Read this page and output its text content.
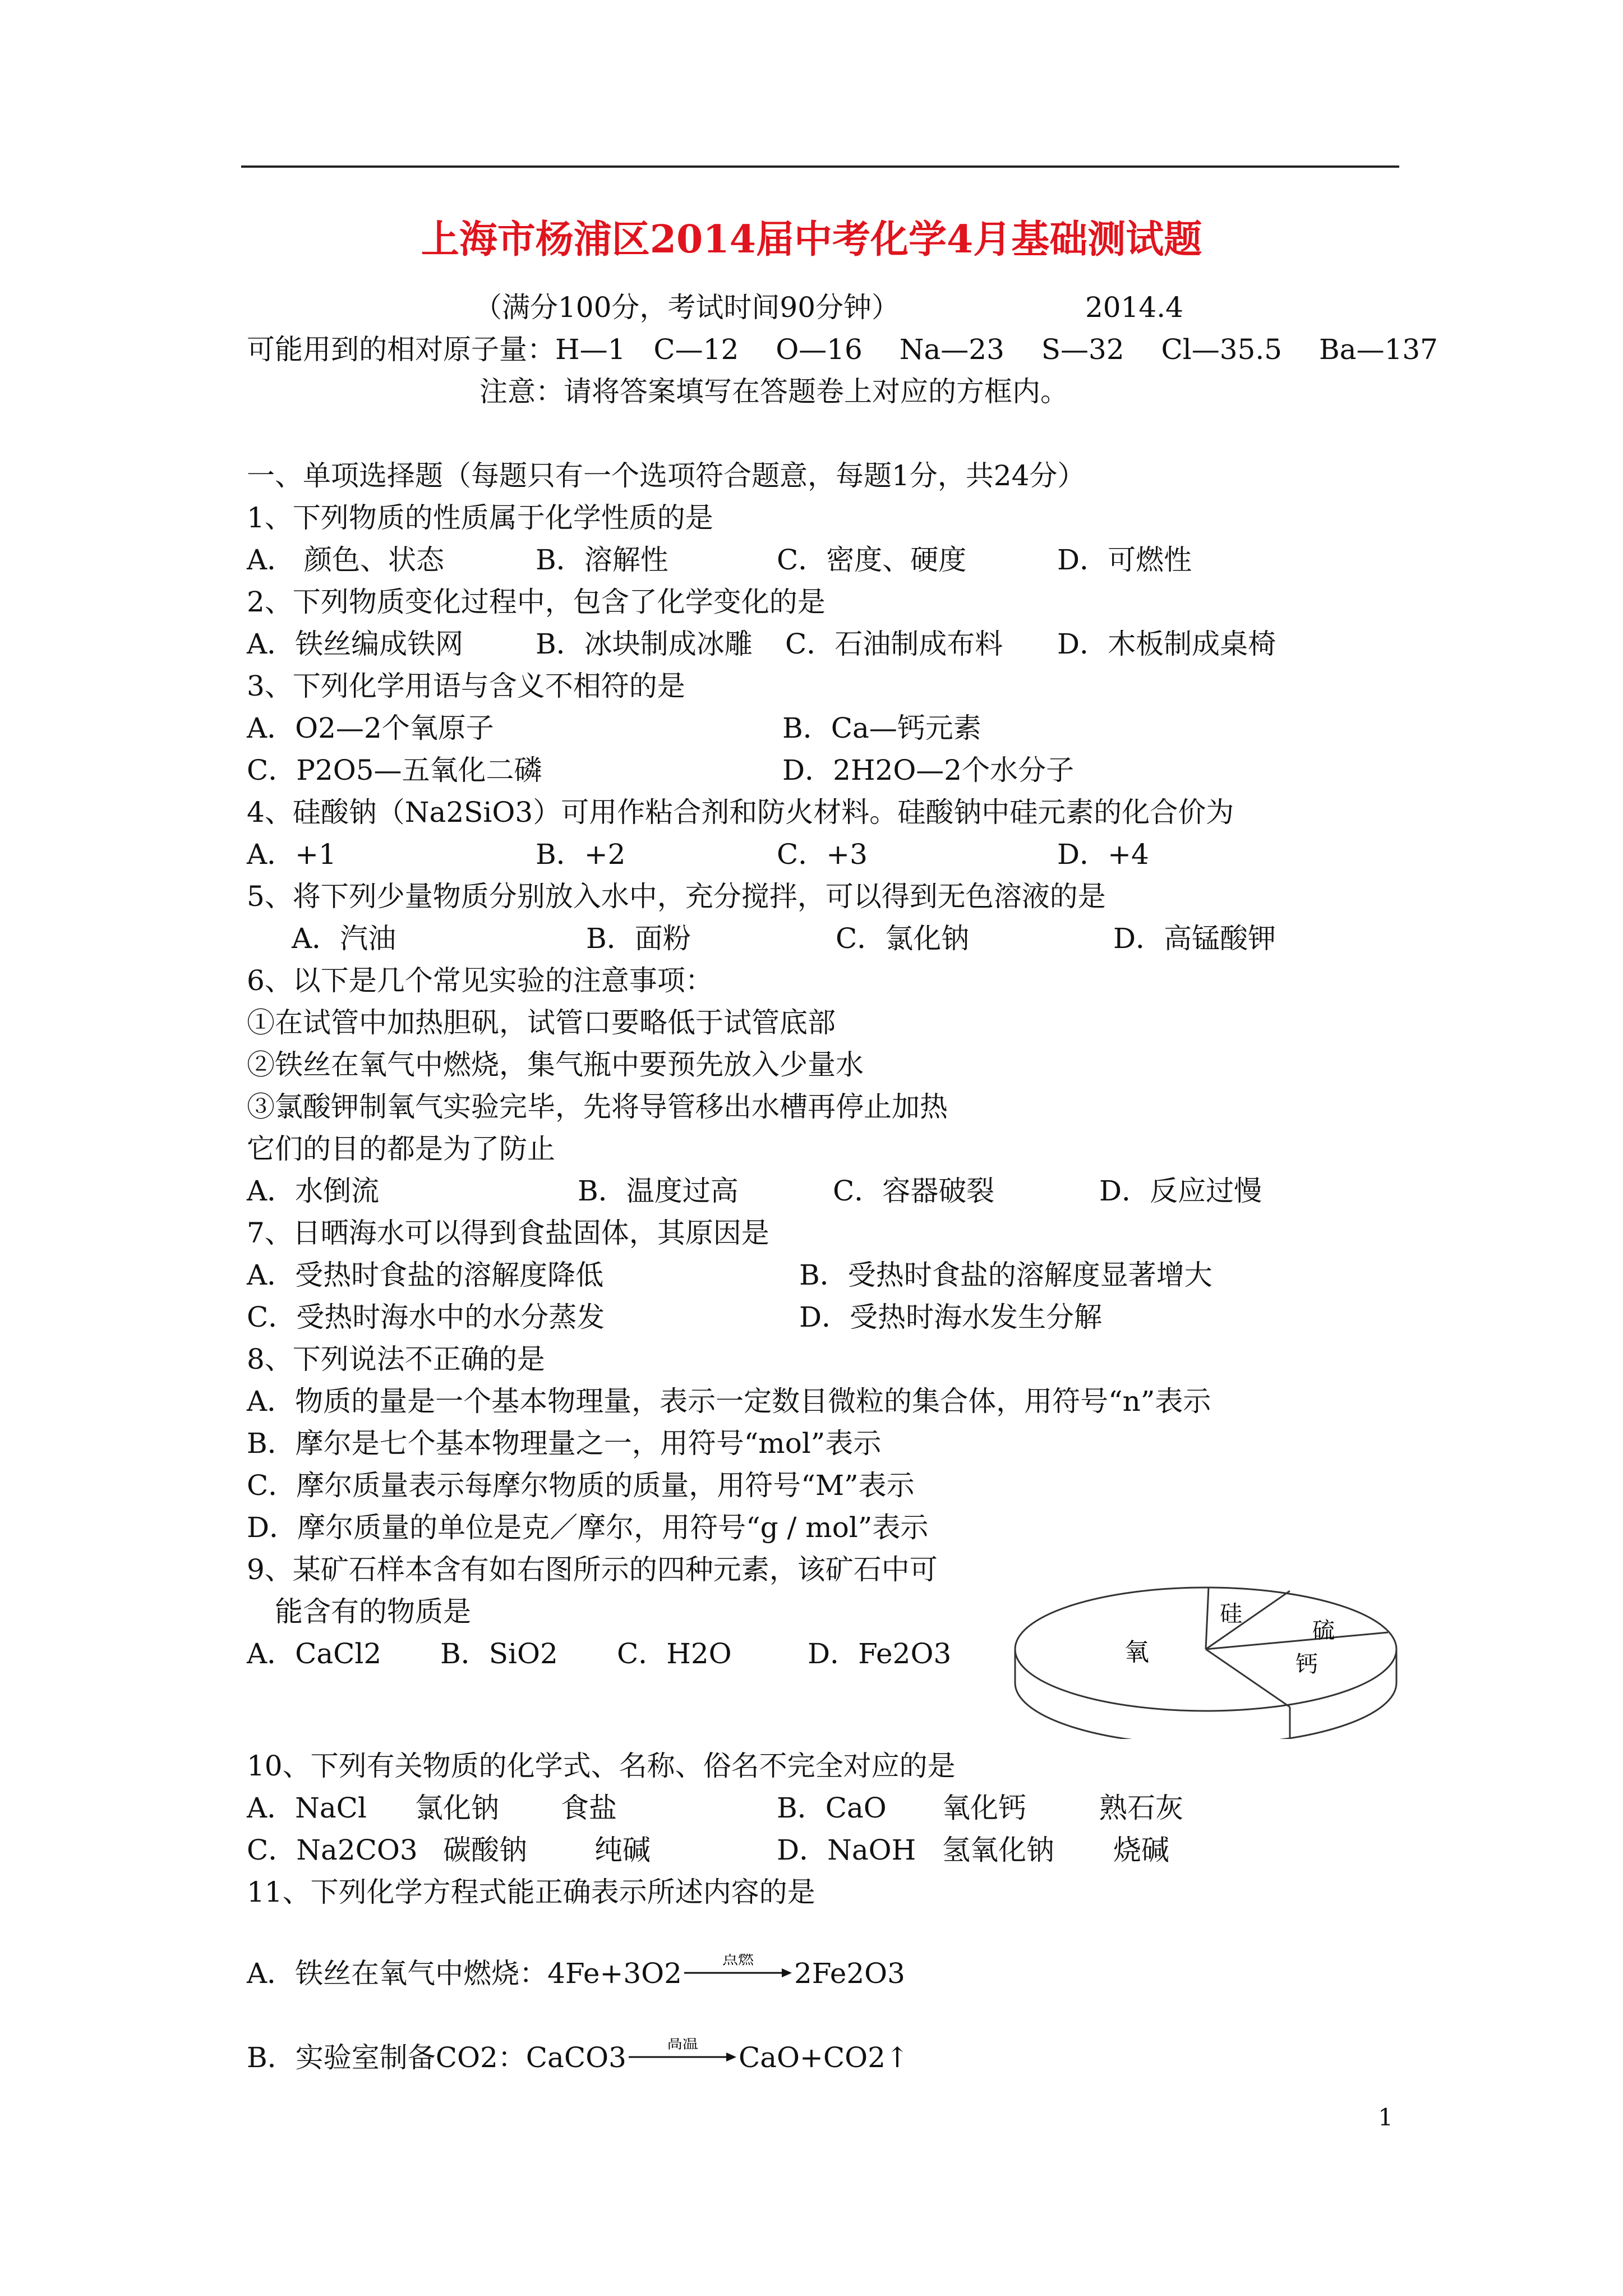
上海市杨浦区2014届中考化学4月基础测试题
（满分100分，考试时间90分钟）	2014.4
可能用到的相对原子量：H—1　C—12　 O—16　 Na—23　 S—32　 Cl—35.5　 Ba—137
注意：请将答案填写在答题卷上对应的方框内。
一、单项选择题（每题只有一个选项符合题意，每题1分，共24分）
1、下列物质的性质属于化学性质的是
A． 颜色、状态	B．溶解性	C．密度、硬度	D．可燃性
2、下列物质变化过程中，包含了化学变化的是
A．铁丝编成铁网	B．冰块制成冰雕 C．石油制成布料 D．木板制成桌椅
3、下列化学用语与含义不相符的是
A．O2—2个氧原子	B．Ca—钙元素
C．P2O5—五氧化二磷	D．2H2O—2个水分子
4、硅酸钠（Na2SiO3）可用作粘合剂和防火材料。硅酸钠中硅元素的化合价为
A．+1	B．+2	C．+3	D．+4
5、将下列少量物质分别放入水中，充分搅拌，可以得到无色溶液的是
A．汽油	B．面粉	C．氯化钠	D．高锰酸钾
6、以下是几个常见实验的注意事项：
①在试管中加热胆矾，试管口要略低于试管底部
②铁丝在氧气中燃烧，集气瓶中要预先放入少量水
③氯酸钾制氧气实验完毕，先将导管移出水槽再停止加热
它们的目的都是为了防止
A．水倒流	B．温度过高	C．容器破裂	D．反应过慢
7、日晒海水可以得到食盐固体，其原因是
A．受热时食盐的溶解度降低	B．受热时食盐的溶解度显著增大
C．受热时海水中的水分蒸发	D．受热时海水发生分解
8、下列说法不正确的是
A．物质的量是一个基本物理量，表示一定数目微粒的集合体，用符号“n”表示
B．摩尔是七个基本物理量之一，用符号“mol”表示
C．摩尔质量表示每摩尔物质的质量，用符号“M”表示
D．摩尔质量的单位是克／摩尔，用符号“g / mol”表示
9、某矿石样本含有如右图所示的四种元素，该矿石中可
能含有的物质是
A．CaCl2 B．SiO2 C．H2O	D．Fe2O3	氧
硅
硫
钙
10、下列有关物质的化学式、名称、俗名不完全对应的是
A．NaCl 氯化钠 食盐	B．CaO 氧化钙	熟石灰
C．Na2CO3 碳酸钠 纯碱	D．NaOH 氢氧化钠 烧碱
11、下列化学方程式能正确表示所述内容的是
A．铁丝在氧气中燃烧：4Fe+3O2	点燃 2Fe2O3
B．实验室制备CO2：CaCO3	高温 CaO+CO2↑
1
